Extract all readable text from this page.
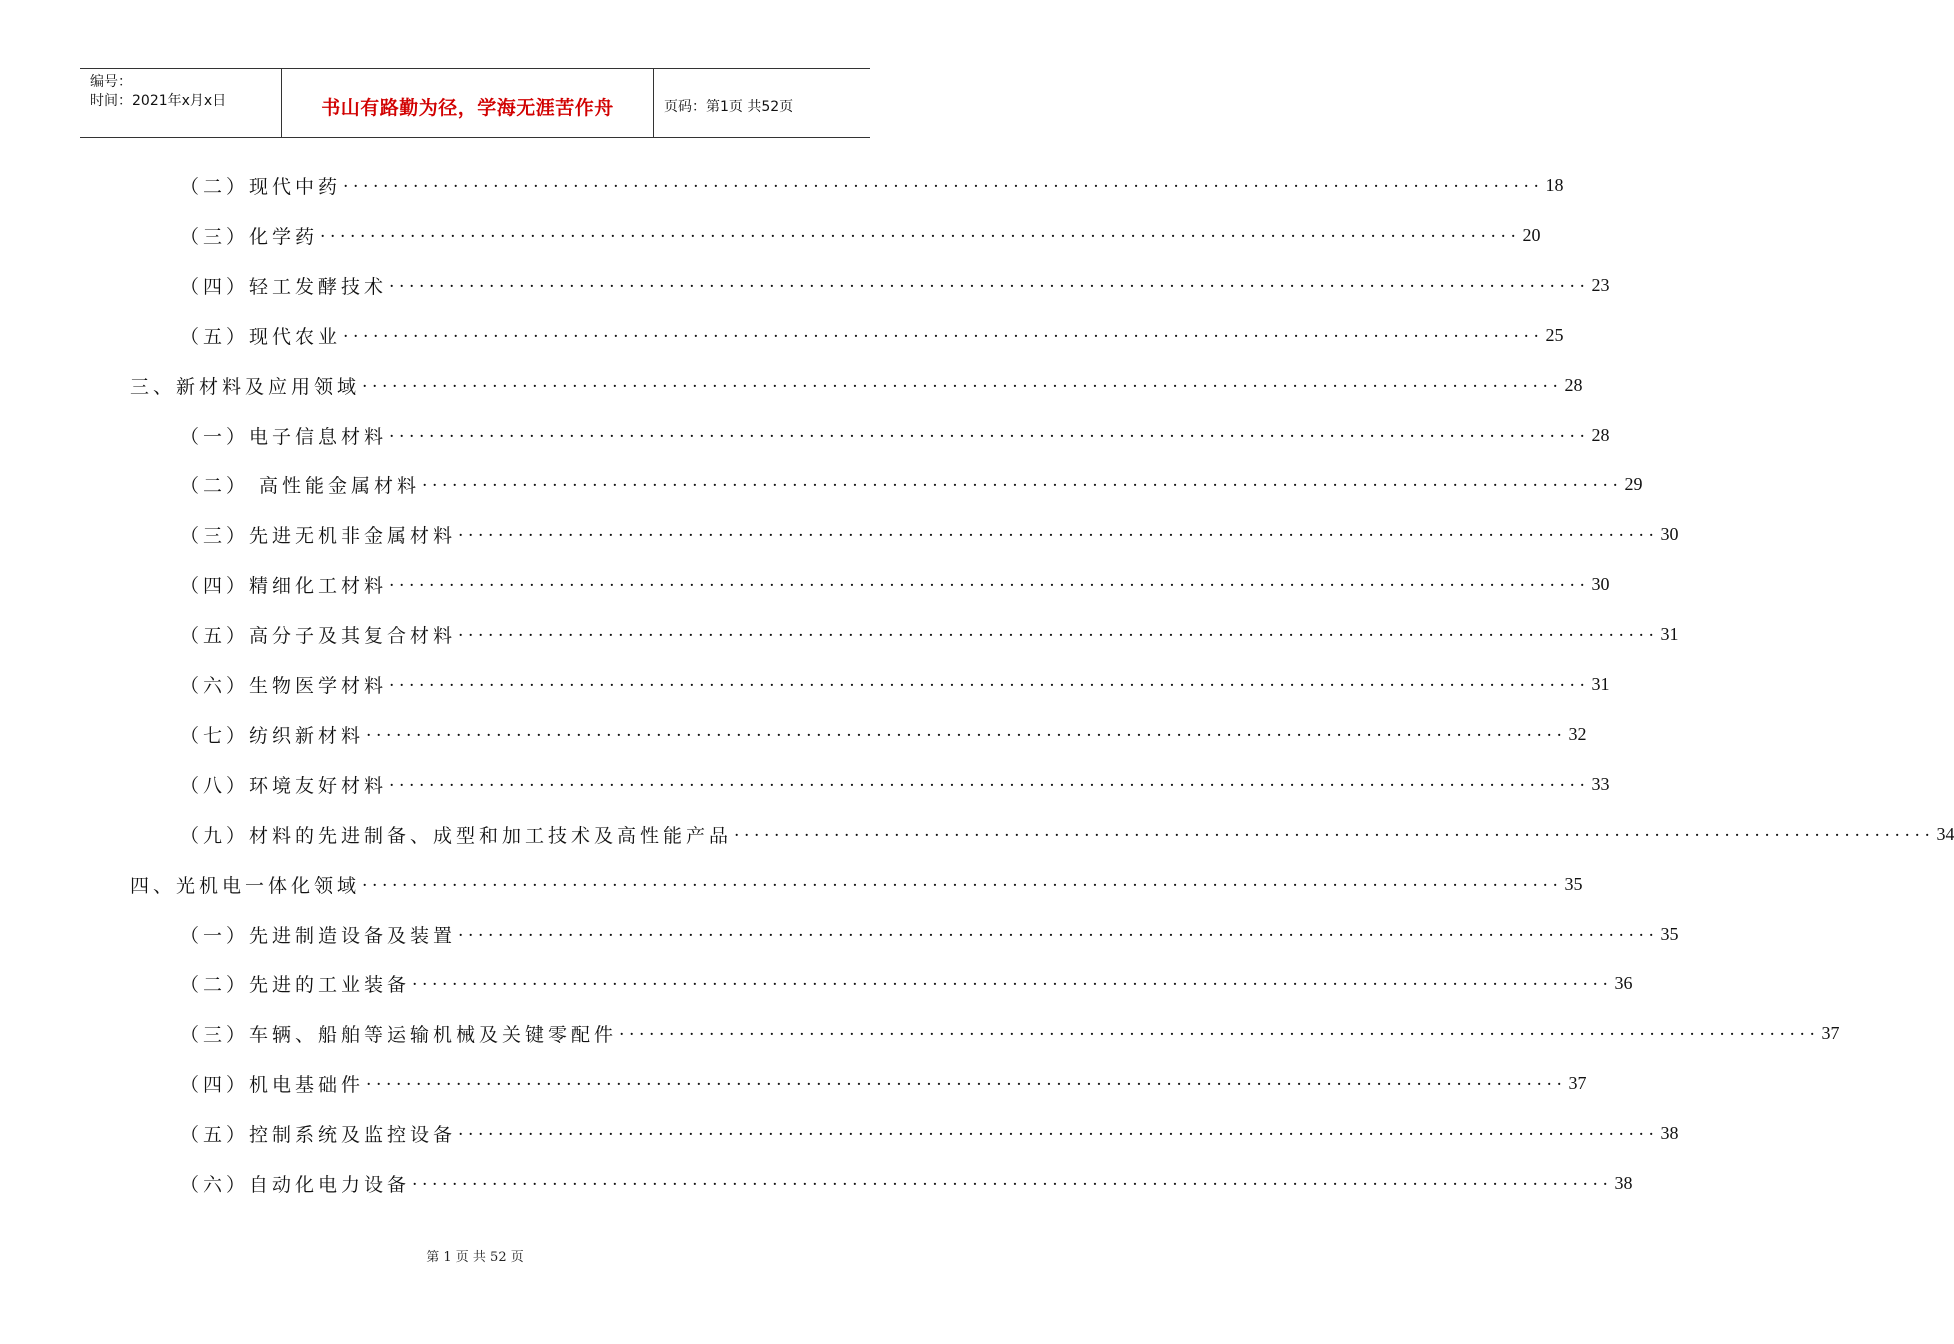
编号：
时间：2021年x月x日	书山有路勤为径，学海无涯苦作舟	页码：第1页 共52页
（二）现代中药 ........................................................................................................................ 18
（三）化学药 ........................................................................................................................ 20
（四）轻工发酵技术 ........................................................................................................................ 23
（五）现代农业 ........................................................................................................................ 25
三、新材料及应用领域 ........................................................................................................................ 28
（一）电子信息材料 ........................................................................................................................ 28
（二） 高性能金属材料 ........................................................................................................................ 29
（三）先进无机非金属材料 ........................................................................................................................ 30
（四）精细化工材料 ........................................................................................................................ 30
（五）高分子及其复合材料 ........................................................................................................................ 31
（六）生物医学材料 ........................................................................................................................ 31
（七）纺织新材料 ........................................................................................................................ 32
（八）环境友好材料 ........................................................................................................................ 33
（九）材料的先进制备、成型和加工技术及高性能产品 ........................................................................................................................ 34
四、光机电一体化领域 ........................................................................................................................ 35
（一）先进制造设备及装置 ........................................................................................................................ 35
（二）先进的工业装备 ........................................................................................................................ 36
（三）车辆、船舶等运输机械及关键零配件 ........................................................................................................................ 37
（四）机电基础件 ........................................................................................................................ 37
（五）控制系统及监控设备 ........................................................................................................................ 38
（六）自动化电力设备 ........................................................................................................................ 38
第 1 页 共 52 页
